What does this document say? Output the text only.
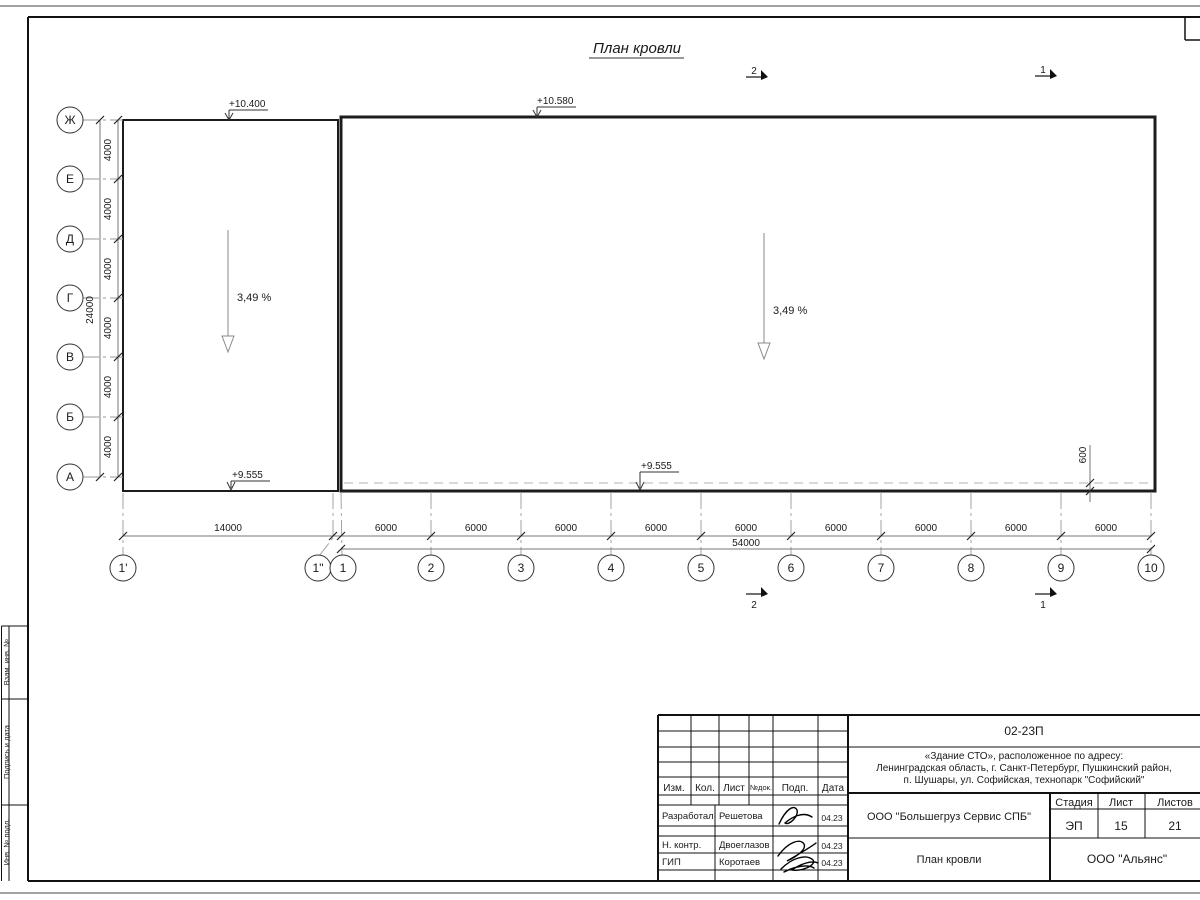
Взам. инв. №
Подпись и дата
Инв. № подл.
План кровли
Ж
Е
Д
Г
В
Б
А
4000
4000
4000
4000
4000
4000
24000
14000	6000	6000	6000	6000	6000	6000	6000	6000	6000
54000
1'	1" 1	2	3	4	5	6	7	8	9	10
+10.400	+10.580
+9.555
+9.555
3,49 %
3,49 %
600
2	1
2	1
Изм. Кол. Лист №док. Подп. Дата
Разработал Решетова	04.23
Н. контр. Двоеглазов	04.23
ГИП	Коротаев	04.23
02-23П
«Здание СТО», расположенное по адресу:
Ленинградская область, г. Санкт-Петербург, Пушкинский район,
п. Шушары, ул. Софийская, технопарк "Софийский"
ООО "Большегруз Сервис СПБ"
План кровли	ООО "Альянс"
Стадия Лист Листов
ЭП	15	21
